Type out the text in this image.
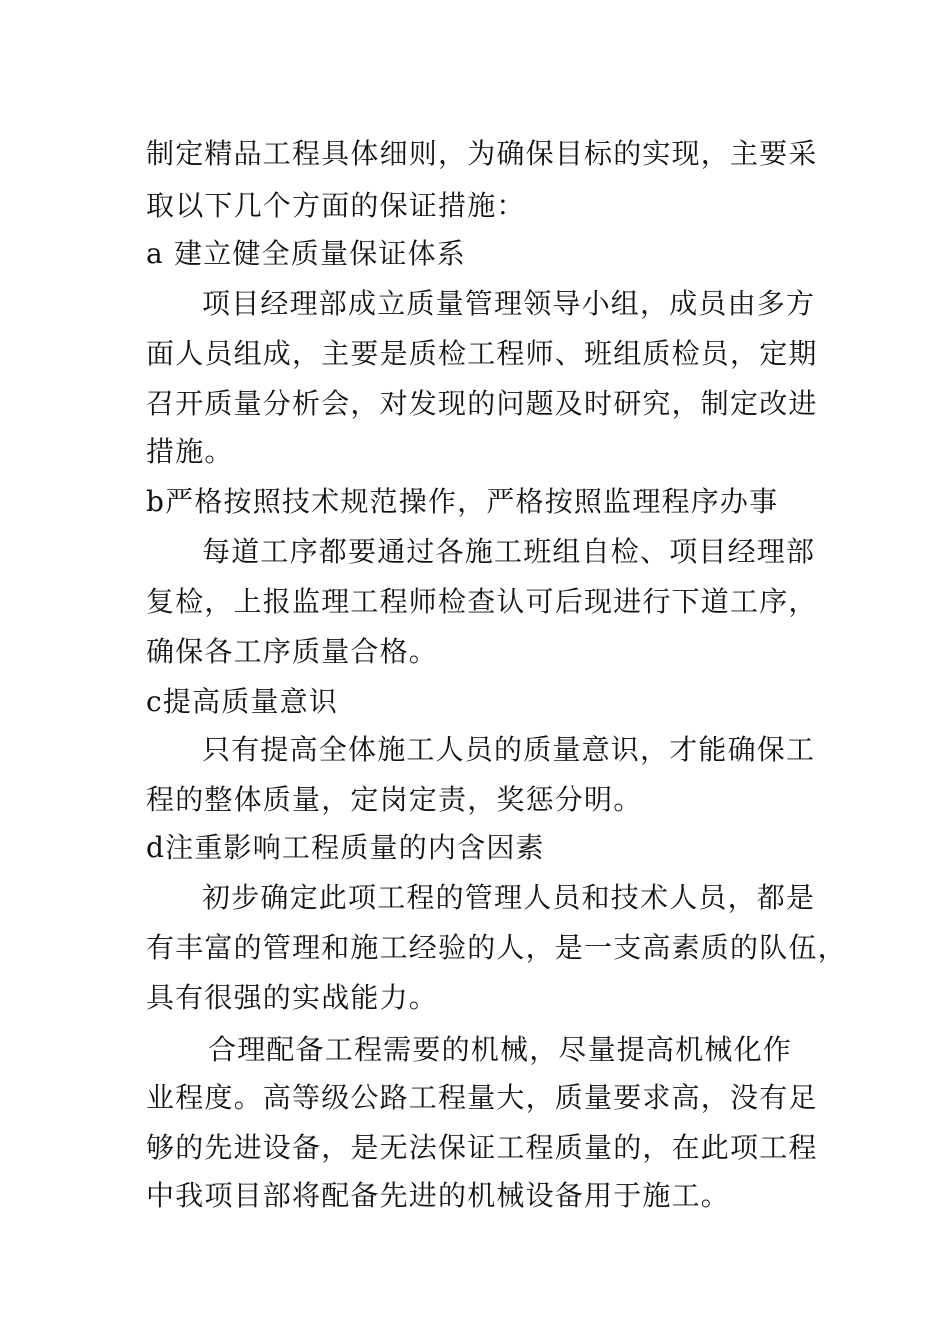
制定精品工程具体细则，为确保目标的实现，主要采
取以下几个方面的保证措施：
a 建立健全质量保证体系
项目经理部成立质量管理领导小组，成员由多方
面人员组成，主要是质检工程师、班组质检员，定期
召开质量分析会，对发现的问题及时研究，制定改进
措施。
b严格按照技术规范操作，严格按照监理程序办事
每道工序都要通过各施工班组自检、项目经理部
复检，上报监理工程师检查认可后现进行下道工序，
确保各工序质量合格。
c提高质量意识
只有提高全体施工人员的质量意识，才能确保工
程的整体质量，定岗定责，奖惩分明。
d注重影响工程质量的内含因素
初步确定此项工程的管理人员和技术人员，都是
有丰富的管理和施工经验的人，是一支高素质的队伍，
具有很强的实战能力。
合理配备工程需要的机械，尽量提高机械化作
业程度。高等级公路工程量大，质量要求高，没有足
够的先进设备，是无法保证工程质量的，在此项工程
中我项目部将配备先进的机械设备用于施工。
